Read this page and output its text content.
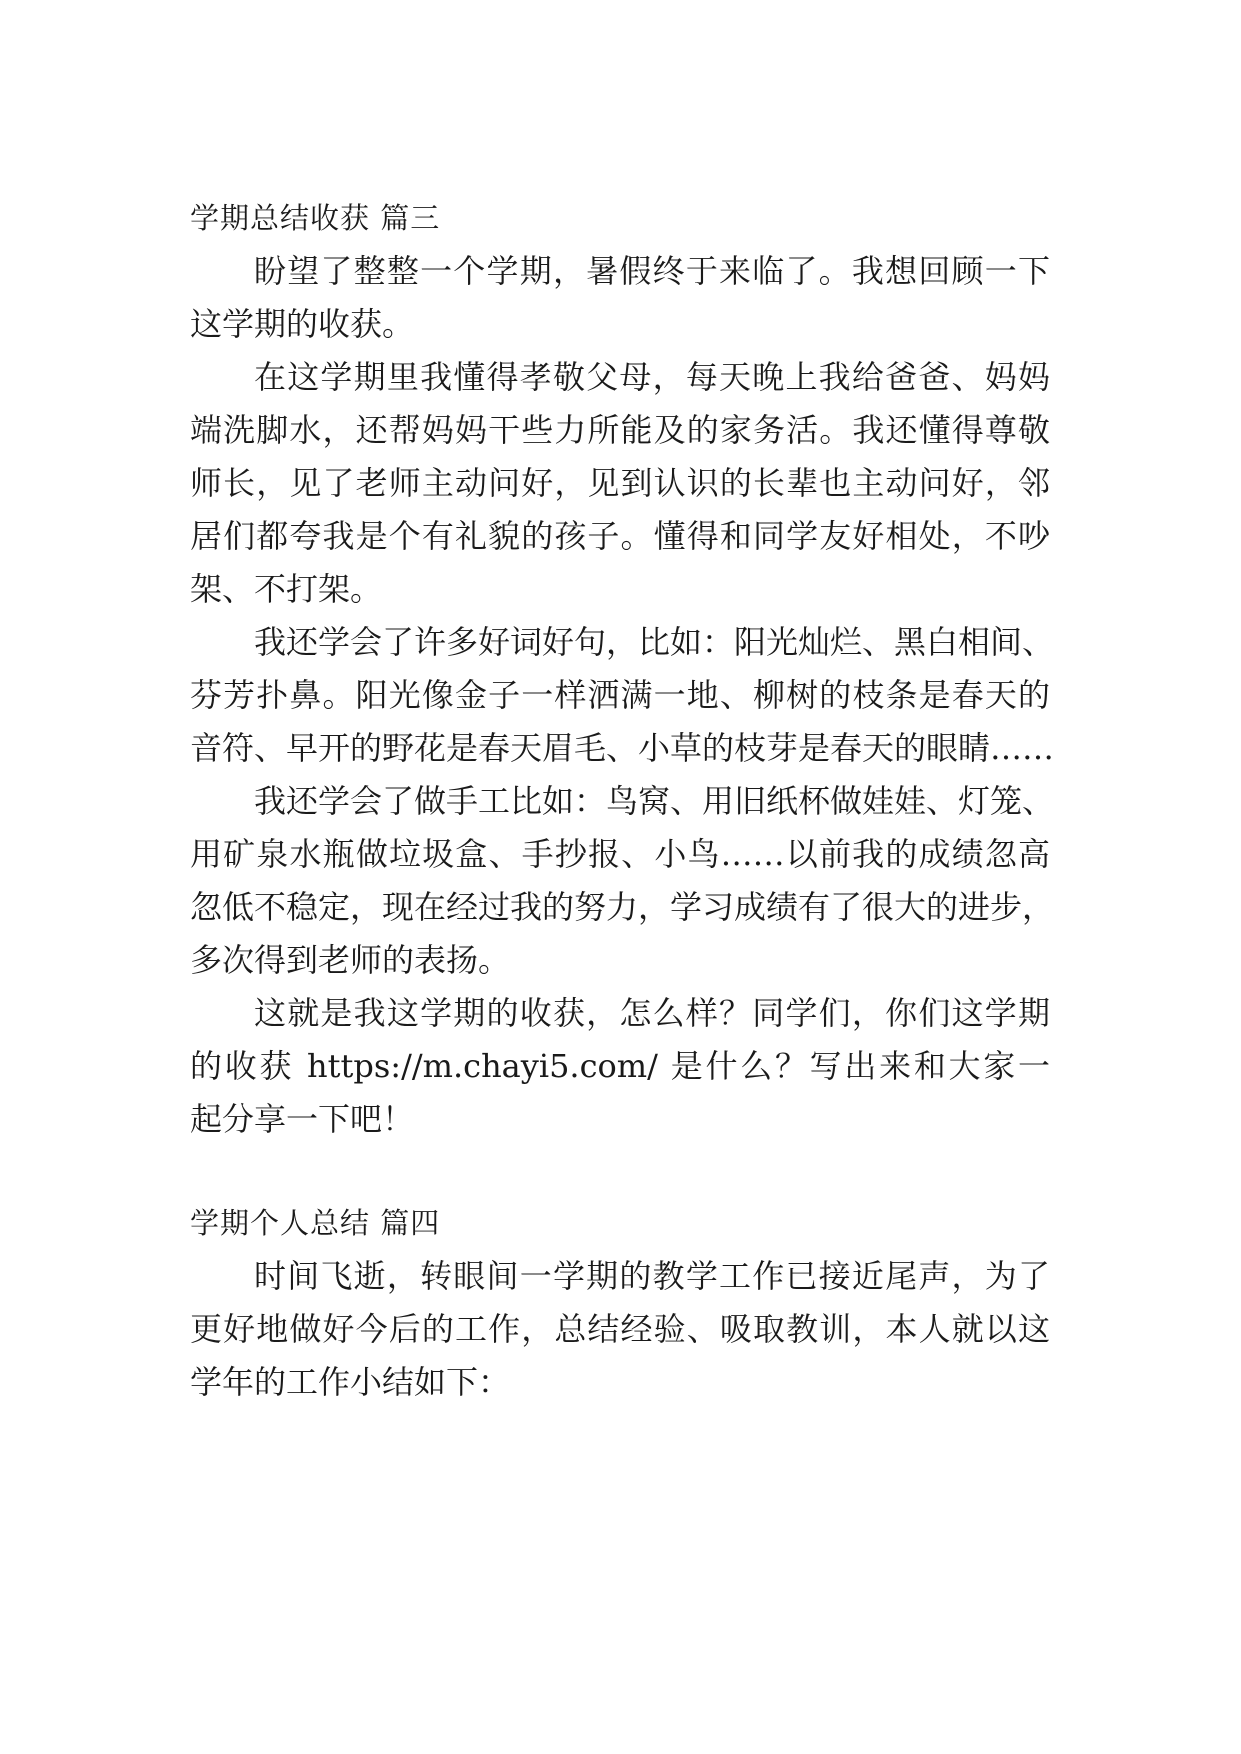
学期总结收获 篇三
盼望了整整一个学期，暑假终于来临了。我想回顾一下
这学期的收获。
在这学期里我懂得孝敬父母，每天晚上我给爸爸、妈妈
端洗脚水，还帮妈妈干些力所能及的家务活。我还懂得尊敬
师长，见了老师主动问好，见到认识的长辈也主动问好，邻
居们都夸我是个有礼貌的孩子。懂得和同学友好相处，不吵
架、不打架。
我还学会了许多好词好句，比如：阳光灿烂、黑白相间、
芬芳扑鼻。阳光像金子一样洒满一地、柳树的枝条是春天的
音符、早开的野花是春天眉毛、小草的枝芽是春天的眼睛……
我还学会了做手工比如：鸟窝、用旧纸杯做娃娃、灯笼、
用矿泉水瓶做垃圾盒、手抄报、小鸟……以前我的成绩忽高
忽低不稳定，现在经过我的努力，学习成绩有了很大的进步，
多次得到老师的表扬。
这就是我这学期的收获，怎么样？同学们，你们这学期
的收获 https://m.chayi5.com/ 是什么？写出来和大家一
起分享一下吧！
学期个人总结 篇四
时间飞逝，转眼间一学期的教学工作已接近尾声，为了
更好地做好今后的工作，总结经验、吸取教训，本人就以这
学年的工作小结如下：
